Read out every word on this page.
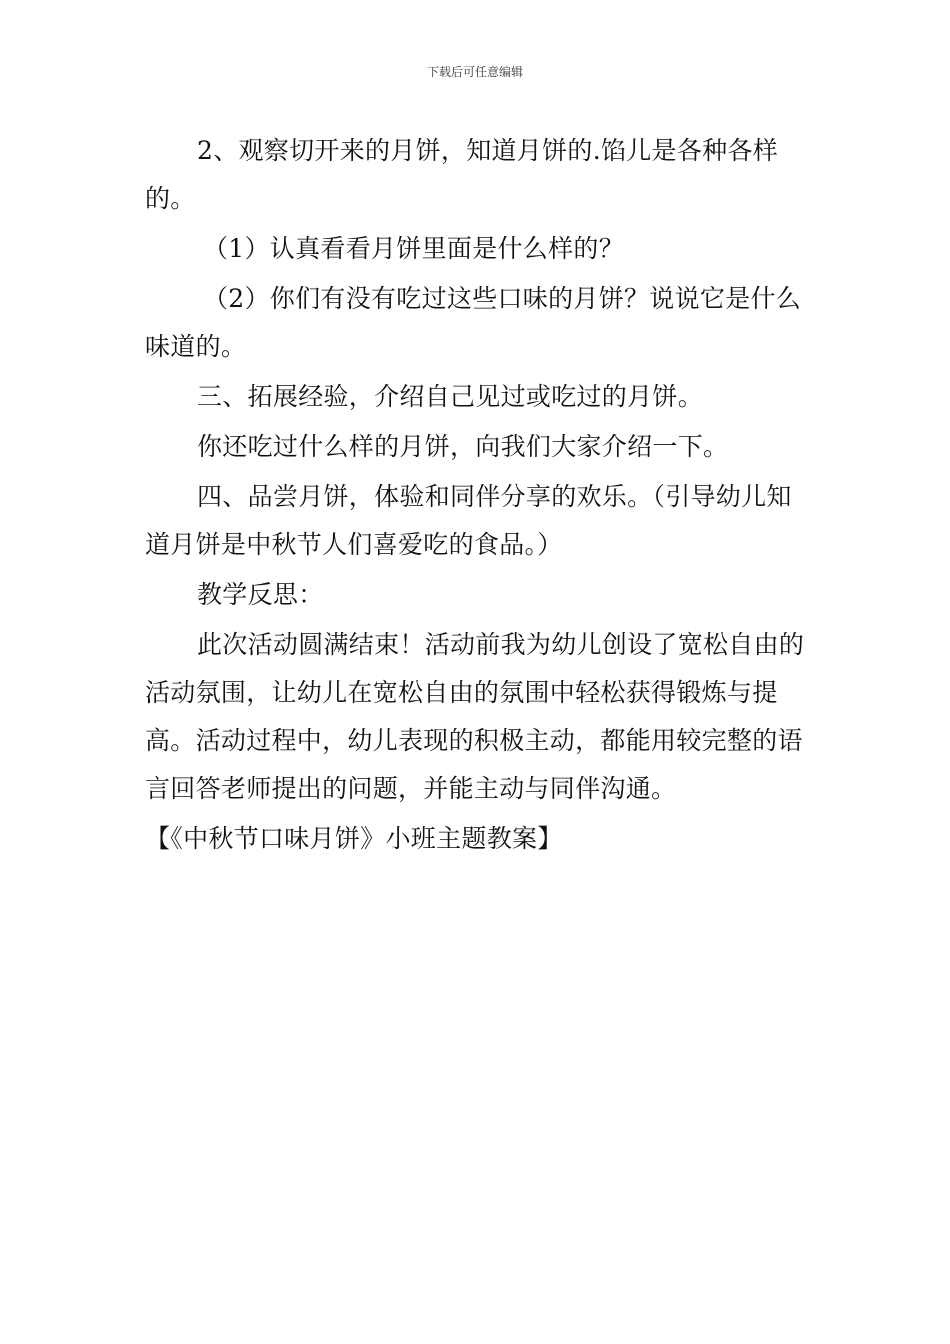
下载后可任意编辑

2、观察切开来的月饼，知道月饼的.馅儿是各种各样的。

（1）认真看看月饼里面是什么样的？

（2）你们有没有吃过这些口味的月饼？说说它是什么味道的。

三、拓展经验，介绍自己见过或吃过的月饼。

你还吃过什么样的月饼，向我们大家介绍一下。

四、品尝月饼，体验和同伴分享的欢乐。（引导幼儿知道月饼是中秋节人们喜爱吃的食品。）

教学反思：

此次活动圆满结束！活动前我为幼儿创设了宽松自由的活动氛围，让幼儿在宽松自由的氛围中轻松获得锻炼与提高。活动过程中，幼儿表现的积极主动，都能用较完整的语言回答老师提出的问题，并能主动与同伴沟通。

【《中秋节口味月饼》小班主题教案】
